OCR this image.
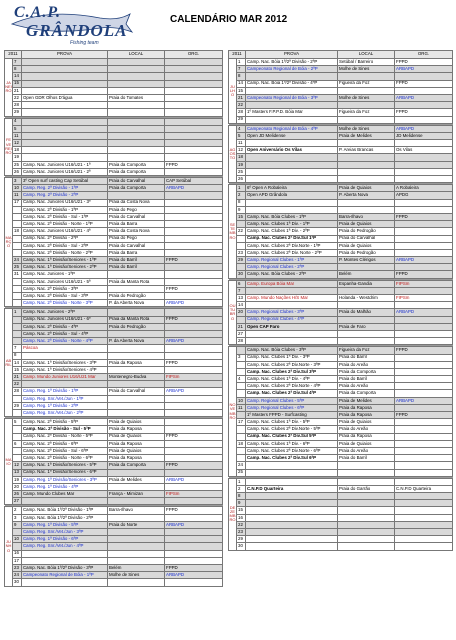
C.A.P.
GRÂNDOLA
Fishing team
CALENDÁRIO MAR 2012
2011		PROVA	LOCAL	ORG.
JANEIRO	7			
	8			
	14			
	15			
	21			
	22	Open GDR Olhos D'água	Praia do Tomates	
	28			
	29			

FEVEREIRO	4			
	5			
	11			
	12			
	18			
	19			
	25	Camp. Nac. Juniores U16/U21 - 1ª	Praia da Comporta	FPPD
	26	Camp. Nac. Juniores U16/U21 - 2ª	Praia da Comporta	

MARÇO	3	3º Open surf casting Cap Setúbal	Praia do Carvalhal	CAP Setúbal
	10	Camp. Reg. 2ª Divisão - 1ªP	Praia da Comporta	ARBAPD
	11	Camp. Reg. 2ª Divisão - 2ªP		
	17	Camp. Nac. Juniores U16/U21 - 3ª	Praia da Costa Nova	
		Camp. Nac. 2ª Divisão - 1ªP	Praia do Pego	
		Camp. Nac. 2ª Divisão - Sul - 1ªP	Praia do Carvalhal	
		Camp. Nac. 2ª Divisão - Norte - 1ªP	Praia da Barra	
	18	Camp. Nac. Juniores U16/U21 - 4ª	Praia da Costa Nova	
		Camp. Nac. 2ª Divisão - 2ªP	Praia do Pego	
		Camp. Nac. 2ª Divisão - Sul - 2ªP	Praia do Carvalhal	
		Camp. Nac. 2ª Divisão - Norte - 2ªP	Praia da Barra	
	24	Camp. Nac. 1ª Divisão/Seniores - 1ªP	Praia do Barril	FPPD
	25	Camp. Nac. 1ª Divisão/Seniores - 2ªP	Praia do Barril	
	31	Camp. Nac. Juniores - 1ªP		
		Camp. Nac. Juniores U16/U21 - 5ª	Praia da Manta Rota	
		Camp. Nac. 2ª Divisão - 3ªP		FPPD
		Camp. Nac. 2ª Divisão - Sul - 3ªP	Praia do Pedrogão	
		Camp. Nac. 2ª Divisão - Norte - 3ªP	P. da Aberta Nova	ARBAPD

ABRIL	1	Camp. Nac. Juniores - 2ªP		
		Camp. Nac. Juniores U16/U21 - 6ª	Praia da Manta Rota	FPPD
		Camp. Nac. 2ª Divisão - 4ªP	Praia do Pedrogão	
		Camp. Nac. 2ª Divisão - Sul - 4ªP		
		Camp. Nac. 2ª Divisão - Norte - 4ªP	P. da Aberta Nova	ARBAPD
	7	Páscoa		
	8			
	14	Camp. Nac. 1ª Divisão/Seniores - 3ªP	Praia da Raposa	FPPD
	15	Camp. Nac. 1ª Divisão/Seniores - 4ªP		
	21	Camp. Mundo Juniores U16/U21 Mar	Montenegro-Budva	FIPSm
	22			
	28	Camp. Reg. 1ª Divisão - 1ªP	Praia do Carvalhal	ARBAPD
		Camp. Reg. Snr./Vet./Jun - 1ªP		
	29	Camp. Reg. 1ª Divisão - 2ªP		
		Camp. Reg. Snr./Vet./Jun - 2ªP		

MAIO	5	Camp. Nac. 2ª Divisão - 5ªP	Praia de Quiaios	
		Camp. Nac. 2ª Divisão - Sul - 5ªP	Praia da Raposa	
		Camp. Nac. 2ª Divisão - Norte - 5ªP	Praia de Quiaios	FPPD
	6	Camp. Nac. 2ª Divisão - 6ªP	Praia da Raposa	
		Camp. Nac. 2ª Divisão - Sul - 6ªP	Praia de Quiaios	
		Camp. Nac. 2ª Divisão - Norte - 6ªP	Praia da Raposa	
	12	Camp. Nac. 1ª Divisão/Seniores - 5ªP	Praia da Comporta	FPPD
	13	Camp. Nac. 1ª Divisão/Seniores - 6ªP		
	19	Camp. Reg. 1ª Divisão/Seniores - 3ªP	Praia de Melides	ARBAPD
	20	Camp. Reg. 1ª Divisão - 4ªP		
	26	Camp. Mundo Clubes Mar	França - Mimizan	FIPSm
	27			

JUNHO	2	Camp. Nac. Bóia 1ª/2ª Divisão - 1ªP	Barra-Ilhavo	FPPD
	3	Camp. Nac. Bóia 1ª/2ª Divisão - 2ªP		
	9	Camp. Reg. 1ª Divisão - 5ªP	Praia do Norte	ARBAPD
		Camp. Reg. Snr./Vet./Jun - 3ªP		
	10	Camp. Reg. 1ª Divisão - 6ªP		
		Camp. Reg. Snr./Vet./Jun - 4ªP		
	16			
	17			
	23	Camp. Nac. Bóia 1ª/2ª Divisão - 3ªP	Belém	FPPD
	24	Campeonato Regional de Bóia - 1ªP	Molhe de Sines	ARBAPD
	30			
2011		PROVA	LOCAL	ORG.
JULHO	1	Camp. Nac. Bóia 1ª/2ª Divisão - 2ªP	Setúbal / Barreiro	FPPD
	7	Campeonato Regional de Bóia - 2ªP	Molhe de Sines	ARBAPD
	8			
	14	Camp. Nac. Bóia 1ª/2ª Divisão - 4ªP	Figueira da Foz	FPPD
	15			
	21	Campeonato Regional de Bóia - 3ªP	Molhe de Sines	ARBAPD
	22			
	28	1º Masters F.P.P.D. Bóia Mar	Figueira da Foz	FPPD
	29			

AGOSTO	4	Campeonato Regional de Bóia - 4ªP	Molhe de Sines	ARBAPD
	5	Open JD Melidense	Praia de Melides	JD Melidense
	11			
	12	Open Aniversário Os Vilas	P. Areias Brancas	Os Vilas
	18			
	19			
	25			
	26			

SETEMBRO	1	6º Open A Robaleira	Praia de Quiaios	A Robaleira
	2	Open APD Grândola	P. Aberta Nova	APDG
	8			
	9			
	15	Camp. Nac. Bóia Clubes - 1ªP	Barra-Ilhavo	FPPD
		Camp. Nac. Clubes 1ª Div. - 1ªP	Praia de Quiaios	
	22	Camp. Nac. Clubes 1ª Div. - 2ªP	Praia do Pedrogão	
		Camp. Nac. Clubes 2ª Div.Sul 1ªP	Praia do Carvalhal	
		Camp. Nac. Clubes 2ª Div.Norte - 1ªP	Praia de Quiaios	
	23	Camp. Nac. Clubes 2ª Div. Norte - 2ªP	Praia do Pedrogão	
	29	Camp. Regional Clubes - 1ªP	P. Montes Clérigos	ARBAPD
		Camp. Regional Clubes - 2ªP		
	30	Camp. Nac. Bóia Clubes - 2ªP	Belém	FPPD

OUTUBRO	6	Camp. Europa Bóia Mar	Espanha-Gandia	FIPSm
	7			
	13	Camp. Mundo Nações H/S Mar	Holanda - Westdrim	FIPSm
	14			
	20	Camp. Regional Clubes - 3ªP	Praia do Malhão	ARBAPD
		Camp. Regional Clubes - 4ªP		
	21	Open CAP Faro	Praia de Faro	
	27			
	28			

NOVEMBRO		Camp. Nac. Bóia Clubes - 3ªP	Figueira da Foz	FPPD
	3	Camp. Nac. Clubes 1ª Div. - 3ªP	Praia do Barril	
		Camp. Nac. Clubes 2ª Div.Norte - 3ªP	Praia do Areão	
		Camp. Nac. Clubes 2ª Div.Sul 3ªP	Praia da Comporta	
	4	Camp. Nac. Clubes 1ª Div. - 4ªP	Praia do Barril	
		Camp. Nac. Clubes 2ª Div.Norte - 4ªP	Praia do Areão	
		Camp. Nac. Clubes 2ª Div.Sul 4ªP	Praia da Comporta	
	10	Camp. Regional Clubes - 5ªP	Praia de Melides	ARBAPD
	11	Camp. Regional Clubes - 6ªP	Praia da Raposa	
		1º Masters FPPD - Surfcasting	Praia da Raposa	FPPD
	17	Camp. Nac. Clubes 1ª Div. - 5ªP	Praia de Quiaios	
		Camp. Nac. Clubes 2ª Div.Norte - 5ªP	Praia do Areão	
		Camp. Nac. Clubes 2ª Div.Sul 5ªP	Praia da Raposa	
	18	Camp. Nac. Clubes 1ª Div. - 6ªP	Praia de Quiaios	
		Camp. Nac. Clubes 2ª Div.Norte - 6ªP	Praia do Areão	
		Camp. Nac. Clubes 2ª Div.Sul 6ªP	Praia do Barril	
	24			
	25			

DEZEMBRO	1			
	2	C.N.P.D Quarteira	Praia do Garrão	C.N.P.D Quarteira
	8			
	9			
	15			
	16			
	22			
	23			
	29			
	30			
